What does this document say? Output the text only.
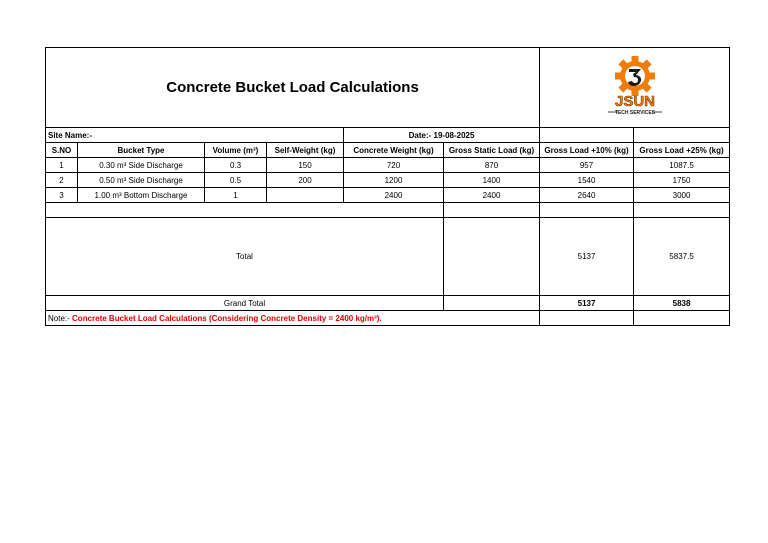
Concrete Bucket Load Calculations						JSUN
TECH SERVICES	

Site Name:-				Date:- 19-08-2025			
S.NO	Bucket Type	Volume (m³)	Self-Weight (kg)	Concrete Weight (kg)	Gross Static Load (kg)	Gross Load +10% (kg)	Gross Load +25% (kg)
1	0.30 m³ Side Discharge	0.3	150	720	870	957	1087.5
2	0.50 m³ Side Discharge	0.5	200	1200	1400	1540	1750
3	1.00 m³ Bottom Discharge	1		2400	2400	2640	3000

Total						5137	5837.5
Grand Total						5137	5838
Note:- Concrete Bucket Load Calculations (Considering Concrete Density = 2400 kg/m³).							
